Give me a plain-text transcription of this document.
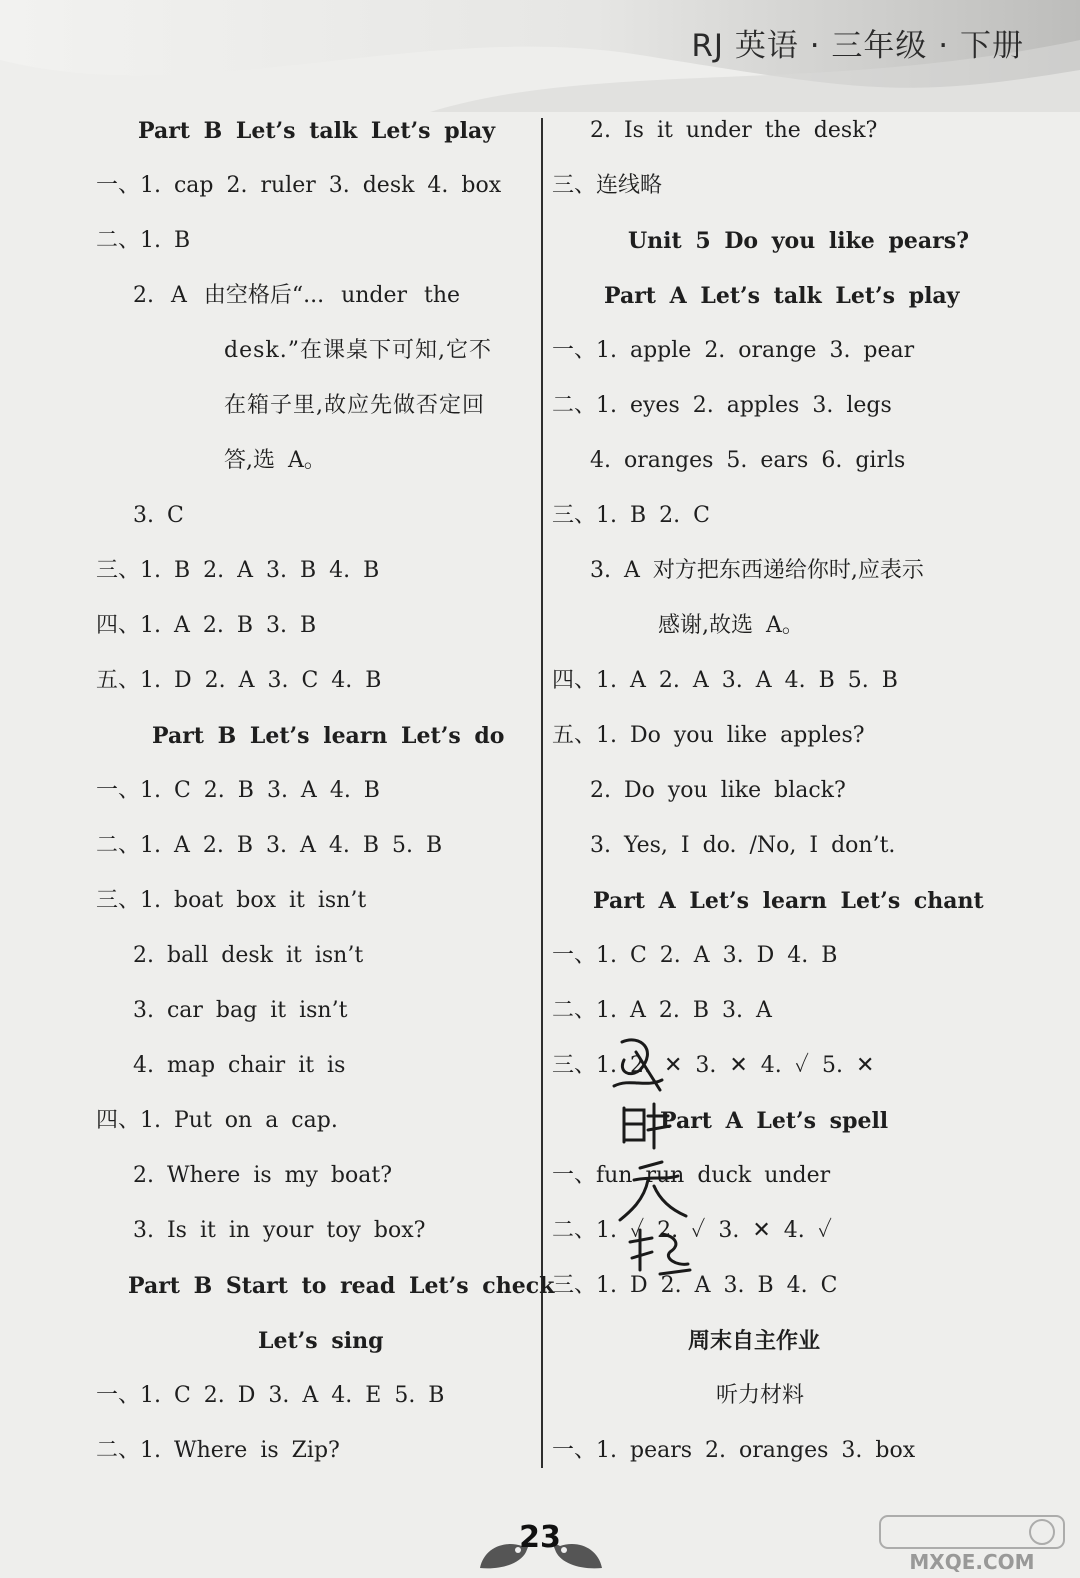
RJ 英语 · 三年级 · 下册
Part B Let’s talk Let’s play
一、1. cap 2. ruler 3. desk 4. box
二、1. B
2. A 由空格后“... under the
desk.”在课桌下可知,它不
在箱子里,故应先做否定回
答,选 A。
3. C
三、1. B 2. A 3. B 4. B
四、1. A 2. B 3. B
五、1. D 2. A 3. C 4. B
Part B Let’s learn Let’s do
一、1. C 2. B 3. A 4. B
二、1. A 2. B 3. A 4. B 5. B
三、1. boat box it isn’t
2. ball desk it isn’t
3. car bag it isn’t
4. map chair it is
四、1. Put on a cap.
2. Where is my boat?
3. Is it in your toy box?
Part B Start to read Let’s check
Let’s sing
一、1. C 2. D 3. A 4. E 5. B
二、1. Where is Zip?
2. Is it under the desk?
三、连线略
Unit 5 Do you like pears?
Part A Let’s talk Let’s play
一、1. apple 2. orange 3. pear
二、1. eyes 2. apples 3. legs
4. oranges 5. ears 6. girls
三、1. B 2. C
3. A 对方把东西递给你时,应表示
感谢,故选 A。
四、1. A 2. A 3. A 4. B 5. B
五、1. Do you like apples?
2. Do you like black?
3. Yes, I do. /No, I don’t.
Part A Let’s learn Let’s chant
一、1. C 2. A 3. D 4. B
二、1. A 2. B 3. A
三、1. 2. ✕ 3. ✕ 4. ✓ 5. ✕
Part A Let’s spell
一、fun run duck under
二、1. ✓ 2. ✓ 3. ✕ 4. ✓
三、1. D 2. A 3. B 4. C
周末自主作业
听力材料
一、1. pears 2. oranges 3. box
23
MXQE.COM
